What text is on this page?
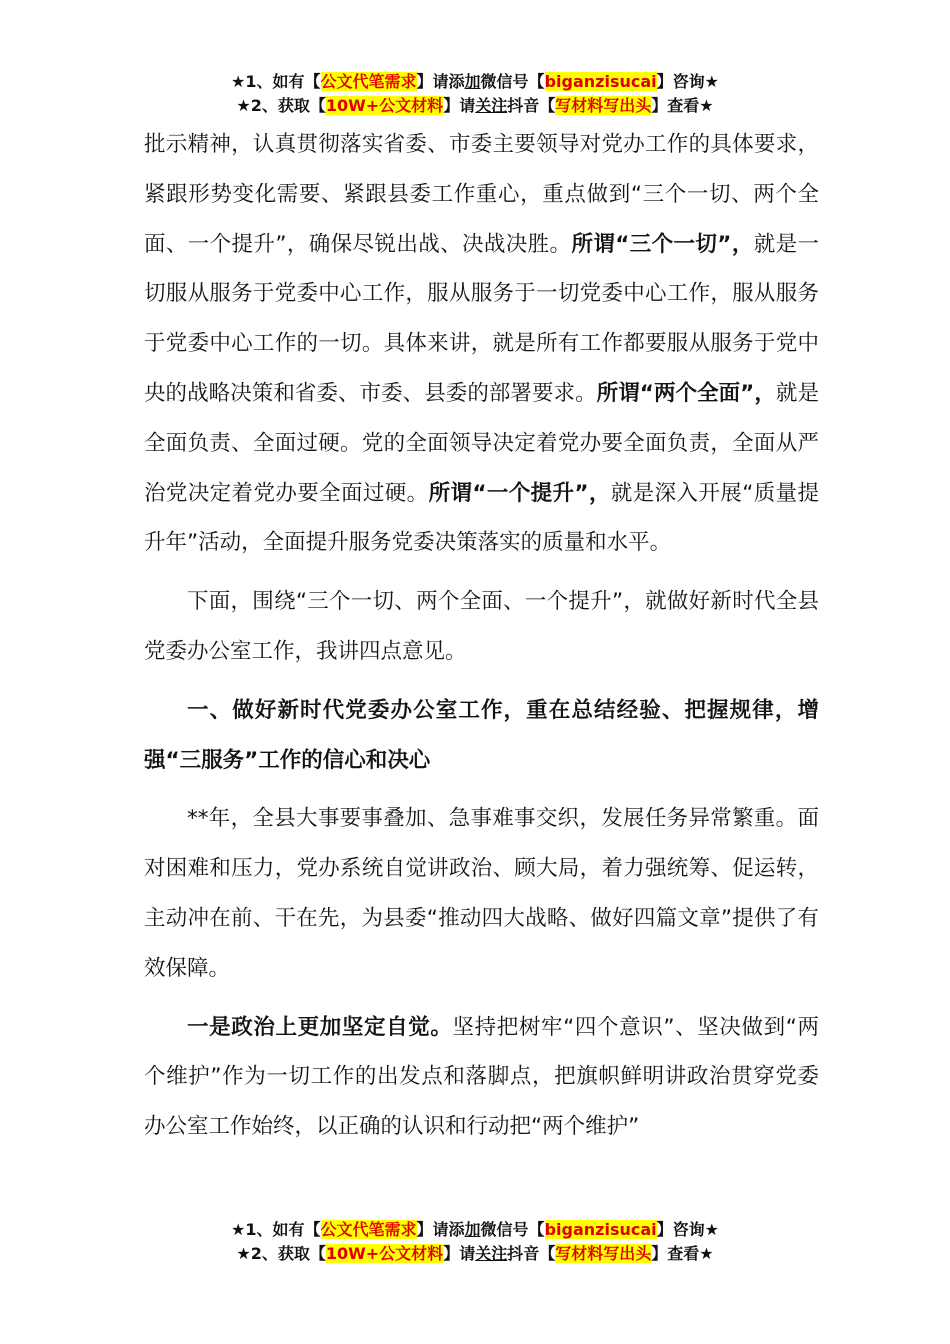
★1、如有【公文代笔需求】请添加微信号【biganzisucai】咨询★
★2、获取【10W+公文材料】请关注抖音【写材料写出头】查看★

批示精神，认真贯彻落实省委、市委主要领导对党办工作的具体要求，紧跟形势变化需要、紧跟县委工作重心，重点做到“三个一切、两个全面、一个提升”，确保尽锐出战、决战决胜。所谓“三个一切”，就是一切服从服务于党委中心工作，服从服务于一切党委中心工作，服从服务于党委中心工作的一切。具体来讲，就是所有工作都要服从服务于党中央的战略决策和省委、市委、县委的部署要求。所谓“两个全面”，就是全面负责、全面过硬。党的全面领导决定着党办要全面负责，全面从严治党决定着党办要全面过硬。所谓“一个提升”，就是深入开展“质量提升年”活动，全面提升服务党委决策落实的质量和水平。

下面，围绕“三个一切、两个全面、一个提升”，就做好新时代全县党委办公室工作，我讲四点意见。

一、做好新时代党委办公室工作，重在总结经验、把握规律，增强“三服务”工作的信心和决心

**年，全县大事要事叠加、急事难事交织，发展任务异常繁重。面对困难和压力，党办系统自觉讲政治、顾大局，着力强统筹、促运转，主动冲在前、干在先，为县委“推动四大战略、做好四篇文章”提供了有效保障。

一是政治上更加坚定自觉。坚持把树牢“四个意识”、坚决做到“两个维护”作为一切工作的出发点和落脚点，把旗帜鲜明讲政治贯穿党委办公室工作始终，以正确的认识和行动把“两个维护”

★1、如有【公文代笔需求】请添加微信号【biganzisucai】咨询★
★2、获取【10W+公文材料】请关注抖音【写材料写出头】查看★
